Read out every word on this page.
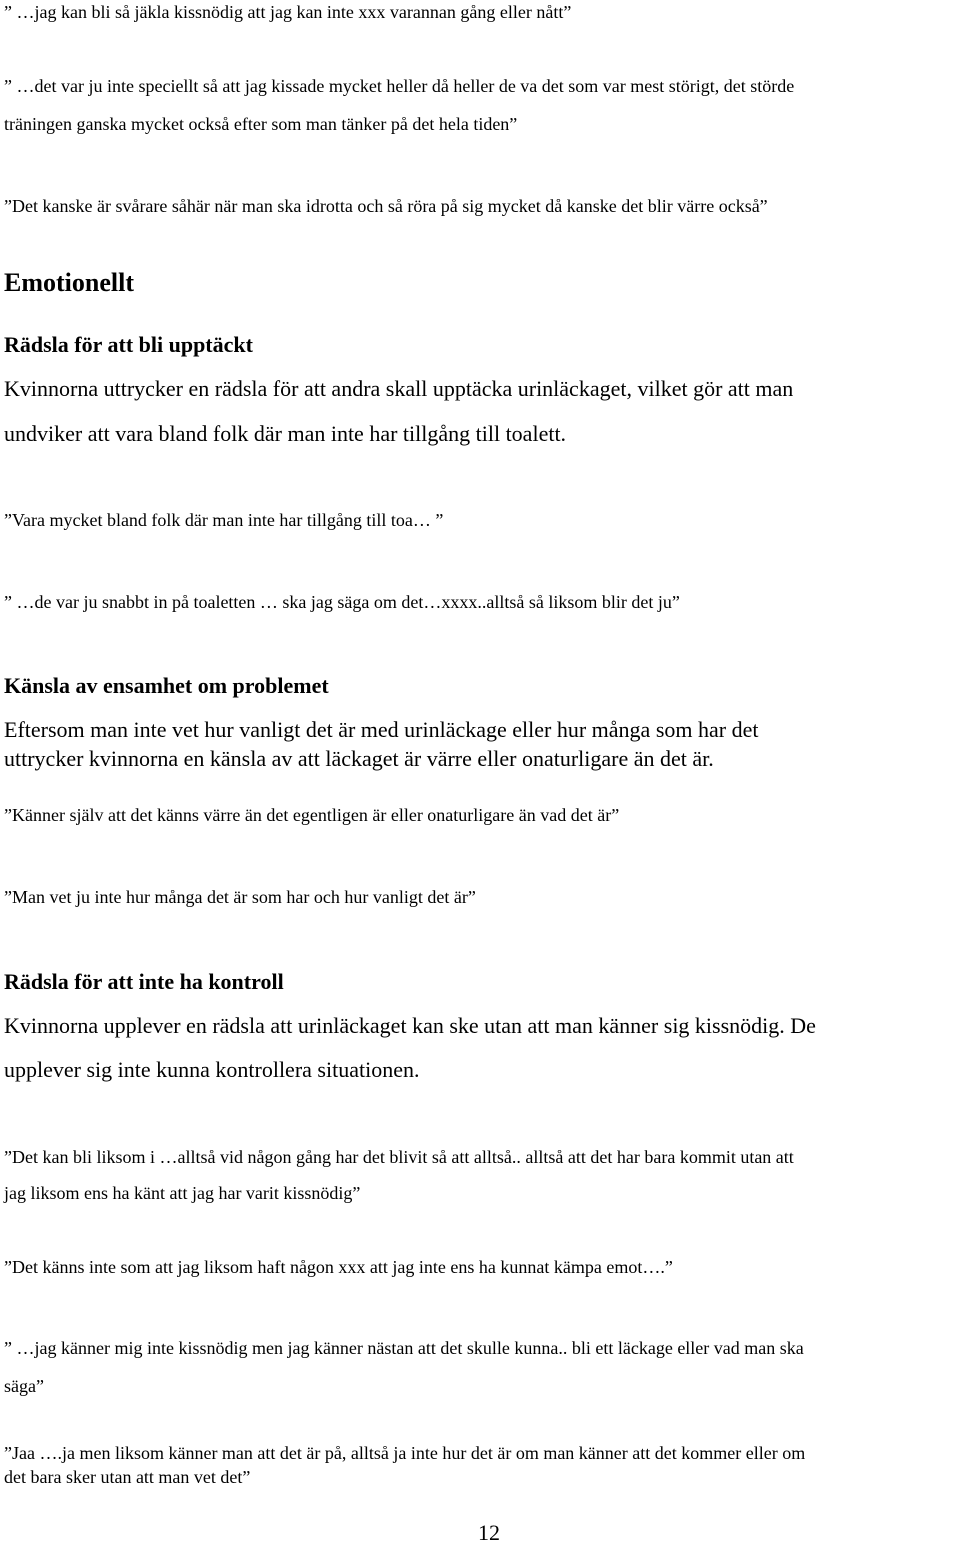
” …jag kan bli så jäkla kissnödig att jag kan inte xxx varannan gång eller nått”
” …det var ju inte speciellt så att jag kissade mycket heller då heller de va det som var mest störigt, det störde
träningen ganska mycket också efter som man tänker på det hela tiden”
”Det kanske är svårare såhär när man ska idrotta och så röra på sig mycket då kanske det blir värre också”
Emotionellt
Rädsla för att bli upptäckt
Kvinnorna uttrycker en rädsla för att andra skall upptäcka urinläckaget, vilket gör att man
undviker att vara bland folk där man inte har tillgång till toalett.
”Vara mycket bland folk där man inte har tillgång till toa… ”
” …de var ju snabbt in på toaletten … ska jag säga om det…xxxx..alltså så liksom blir det ju”
Känsla av ensamhet om problemet
Eftersom man inte vet hur vanligt det är med urinläckage eller hur många som har det
uttrycker kvinnorna en känsla av att läckaget är värre eller onaturligare än det är.
”Känner själv att det känns värre än det egentligen är eller onaturligare än vad det är”
”Man vet ju inte hur många det är som har och hur vanligt det är”
Rädsla för att inte ha kontroll
Kvinnorna upplever en rädsla att urinläckaget kan ske utan att man känner sig kissnödig. De
upplever sig inte kunna kontrollera situationen.
”Det kan bli liksom i …alltså vid någon gång har det blivit så att alltså.. alltså att det har bara kommit utan att
jag liksom ens ha känt att jag har varit kissnödig”
”Det känns inte som att jag liksom haft någon xxx att jag inte ens ha kunnat kämpa emot….”
” …jag känner mig inte kissnödig men jag känner nästan att det skulle kunna.. bli ett läckage eller vad man ska
säga”
”Jaa ….ja men liksom känner man att det är på, alltså ja inte hur det är om man känner att det kommer eller om
det bara sker utan att man vet det”
12
